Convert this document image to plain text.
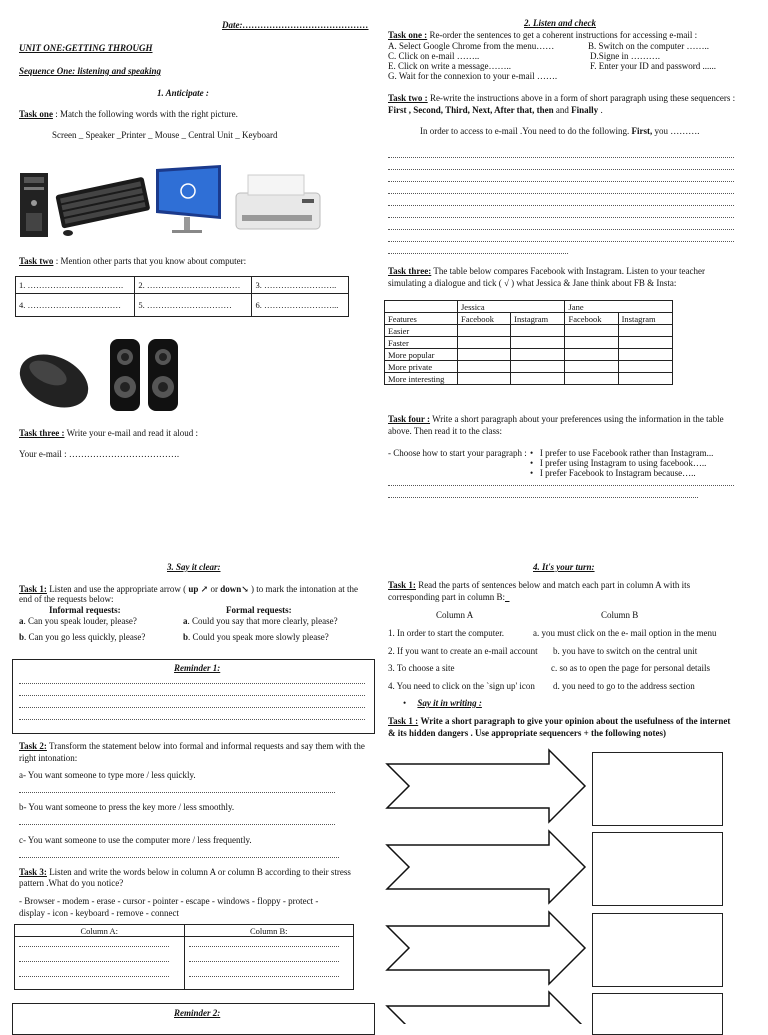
Date:……………………………………
UNIT ONE:GETTING THROUGH
Sequence One: listening and speaking
1. Anticipate :
Task one : Match the following words with the right picture.
Screen _ Speaker _Printer _ Mouse _ Central Unit _ Keyboard
Task two : Mention other parts that you know about computer:
1. …………………………….	2. ……………………………	3. ……………………..
4. ……………………………	5. …………………………	6. ……………………...
Task three : Write your e-mail and read it aloud :
Your e-mail : ……………………………….
2. Listen and check
Task one : Re-order the sentences to get a coherent instructions for accessing e-mail :
A. Select Google Chrome from the menu……	B. Switch on the computer ……..
C. Click on e-mail ……..	D.Signe in ……….
E. Click on write a message……..	F. Enter your ID and password ......
G. Wait for the connexion to your e-mail …….
Task two : Re-write the instructions above in a form of short paragraph using these sequencers :
First , Second, Third, Next, After that, then and Finally .
In order to access to e-mail .You need to do the following. First, you ……….
Task three: The table below compares Facebook with Instagram. Listen to your teacher
simulating a dialogue and tick ( √ ) what Jessica & Jane think about FB & Insta:
	Jessica		Jane	
Features	Facebook	Instagram	Facebook	Instagram
Easier				
Faster				
More popular				
More private				
More interesting				
Task four : Write a short paragraph about your preferences using the information in the table
above. Then read it to the class:
- Choose how to start your paragraph : •   I prefer to use Facebook rather than Instagram...
•   I prefer using Instagram to using facebook…..
•   I prefer Facebook to Instagram because…..
3. Say it clear:
Task 1: Listen and use the appropriate arrow ( up ↗ or down↘ ) to mark the intonation at the
end of the requests below:
Informal requests:	Formal requests:
a. Can you speak louder, please?	a. Could you say that more clearly, please?
b. Can you go less quickly, please?	b. Could you speak more slowly please?
Reminder 1:
Task 2: Transform the statement below into formal and informal requests and say them with the
right intonation:
a- You want someone to type more / less quickly.
b- You want someone to press the key more / less smoothly.
c- You want someone to use the computer more / less frequently.
Task 3: Listen and write the words below in column A or column B according to their stress
pattern .What do you notice?
- Browser - modem - erase - cursor - pointer - escape - windows - floppy - protect -
display - icon - keyboard - remove - connect
Column A:	Column B:

Reminder 2:
4. It's your turn:
Task 1: Read the parts of sentences below and match each part in column A with its
corresponding part in column B:
Column A	Column B
1. In order to start the computer.	a. you must click on the e- mail option in the menu
2. If you want to create an e-mail account b. you have to switch on the central unit
3. To choose a site	c. so as to open the page for personal details
4. You need to click on the `sign up' icon d. you need to go to the address section
•     Say it in writing :
Task 1 : Write a short paragraph to give your opinion about the usefulness of the internet
& its hidden dangers . Use appropriate sequencers + the following notes)
